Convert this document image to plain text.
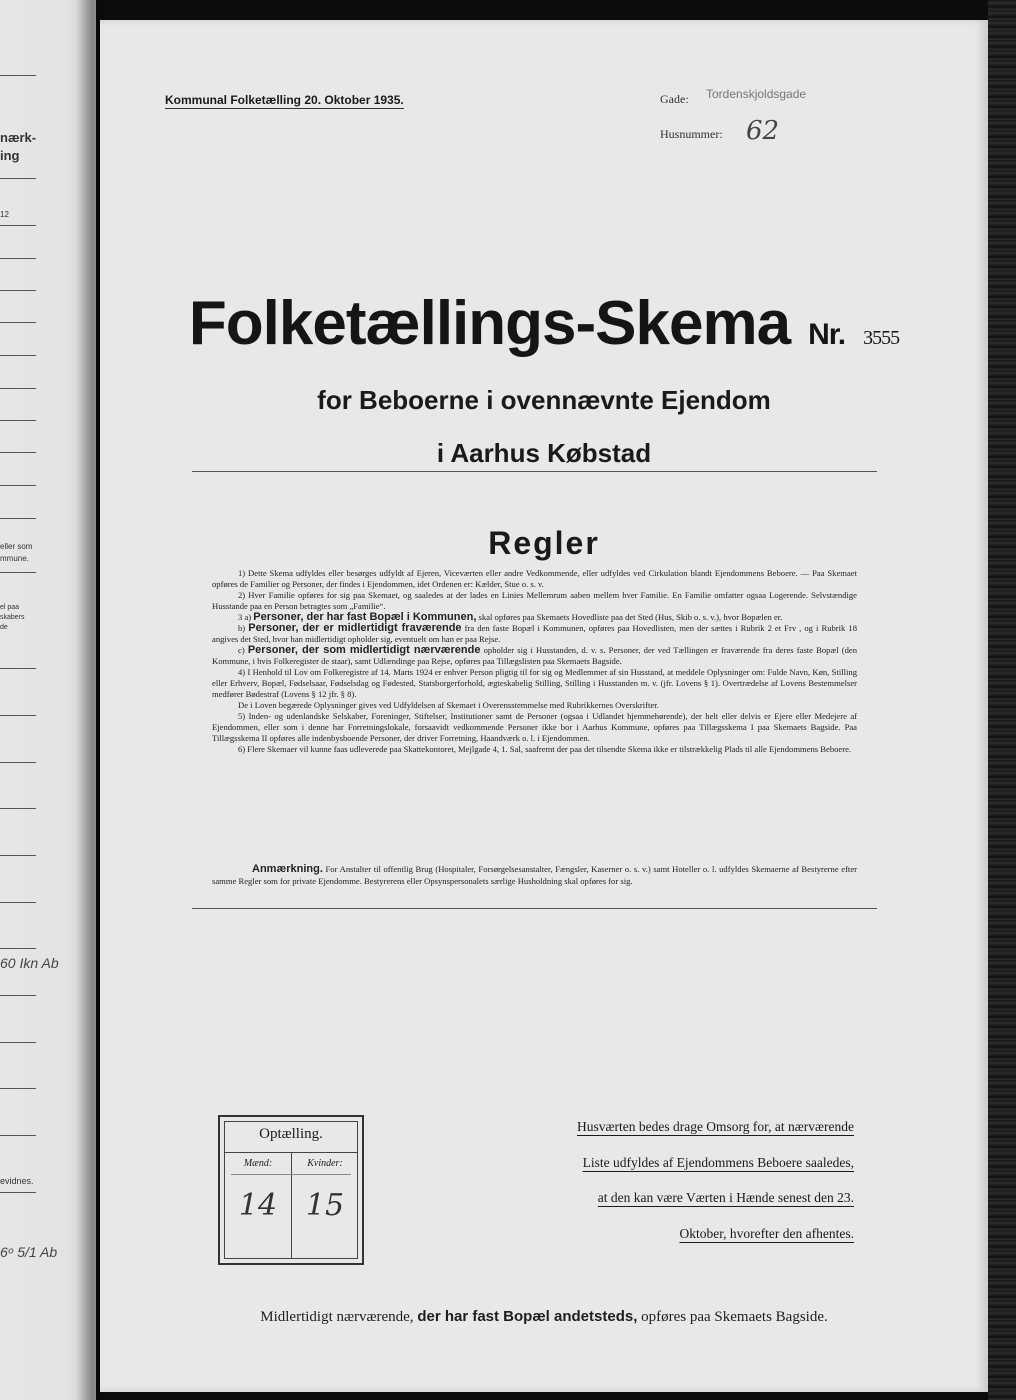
nærk-
ing
12
eller som
mmune.
el paa
skabers
de
60 Ikn Ab
evidnes.
6ᵒ 5/1 Ab
Kommunal Folketælling 20. Oktober 1935.	Gade: Tordenskjoldsgade
Husnummer: 62
Folketællings-Skema Nr. 3555
for Beboerne i ovennævnte Ejendom
i Aarhus Købstad
Regler

1) Dette Skema udfyldes eller besørges udfyldt af Ejeren, Viceværten eller andre Vedkommende, eller udfyldes ved Cirkulation blandt Ejendommens Beboere. — Paa Skemaet opføres de Familier og Personer, der findes i Ejendommen, idet Ordenen er: Kælder, Stue o. s. v.

2) Hver Familie opføres for sig paa Skemaet, og saaledes at der lades en Linies Mellemrum aaben mellem hver Familie. En Familie omfatter ogsaa Logerende. Selvstændige Husstande paa en Person betragtes som „Familie“.

3 a) Personer, der har fast Bopæl i Kommunen, skal opføres paa Skemaets Hovedliste paa det Sted (Hus, Skib o. s. v.), hvor Bopælen er.

b) Personer, der er midlertidigt fraværende fra den faste Bopæl i Kommunen, opføres paa Hovedlisten, men der sættes i Rubrik 2 et Frv , og i Rubrik 18 angives det Sted, hvor han midlertidigt opholder sig, eventuelt om han er paa Rejse.

c) Personer, der som midlertidigt nærværende opholder sig i Husstanden, d. v. s. Personer, der ved Tællingen er fraværende fra deres faste Bopæl (den Kommune, i hvis Folkeregister de staar), samt Udlændinge paa Rejse, opføres paa Tillægslisten paa Skemaets Bagside.

4) I Henhold til Lov om Folkeregistre af 14. Marts 1924 er enhver Person pligtig til for sig og Medlemmer af sin Husstand, at meddele Oplysninger om: Fulde Navn, Køn, Stilling eller Erhverv, Bopæl, Fødselsaar, Fødselsdag og Fødested, Statsborgerforhold, ægteskabelig Stilling, Stilling i Husstanden m. v. (jfr. Lovens § 1). Overtrædelse af Lovens Bestemmelser medfører Bødestraf (Lovens § 12 jfr. § 8).

De i Loven begærede Oplysninger gives ved Udfyldelsen af Skemaet i Overensstemmelse med Rubrikkernes Overskrifter.

5) Inden- og udenlandske Selskaber, Foreninger, Stiftelser, Institutioner samt de Personer (ogsaa i Udlandet hjemmehørende), der helt eller delvis er Ejere eller Medejere af Ejendommen, eller som i denne har Forretningslokale, forsaavidt vedkommende Personer ikke bor i Aarhus Kommune, opføres paa Tillægsskema I paa Skemaets Bagside. Paa Tillægsskema II opføres alle indenbysboende Personer, der driver Forretning, Haandværk o. l. i Ejendommen.

6) Flere Skemaer vil kunne faas udleverede paa Skattekontoret, Mejlgade 4, 1. Sal, saafremt der paa det tilsendte Skema ikke er tilstrækkelig Plads til alle Ejendommens Beboere.

Anmærkning. For Anstalter til offentlig Brug (Hospitaler, Forsørgelsesanstalter, Fængsler, Kaserner o. s. v.) samt Hoteller o. l. udfyldes Skemaerne af Bestyrerne efter samme Regler som for private Ejendomme. Bestyrerens eller Opsynspersonalets særlige Husholdning skal opføres for sig.
Optælling.
Mænd:	Kvinder:
14 15
Husværten bedes drage Omsorg for, at nærværende
Liste udfyldes af Ejendommens Beboere saaledes,
at den kan være Værten i Hænde senest den 23.
Oktober, hvorefter den afhentes.
Midlertidigt nærværende, der har fast Bopæl andetsteds, opføres paa Skemaets Bagside.
